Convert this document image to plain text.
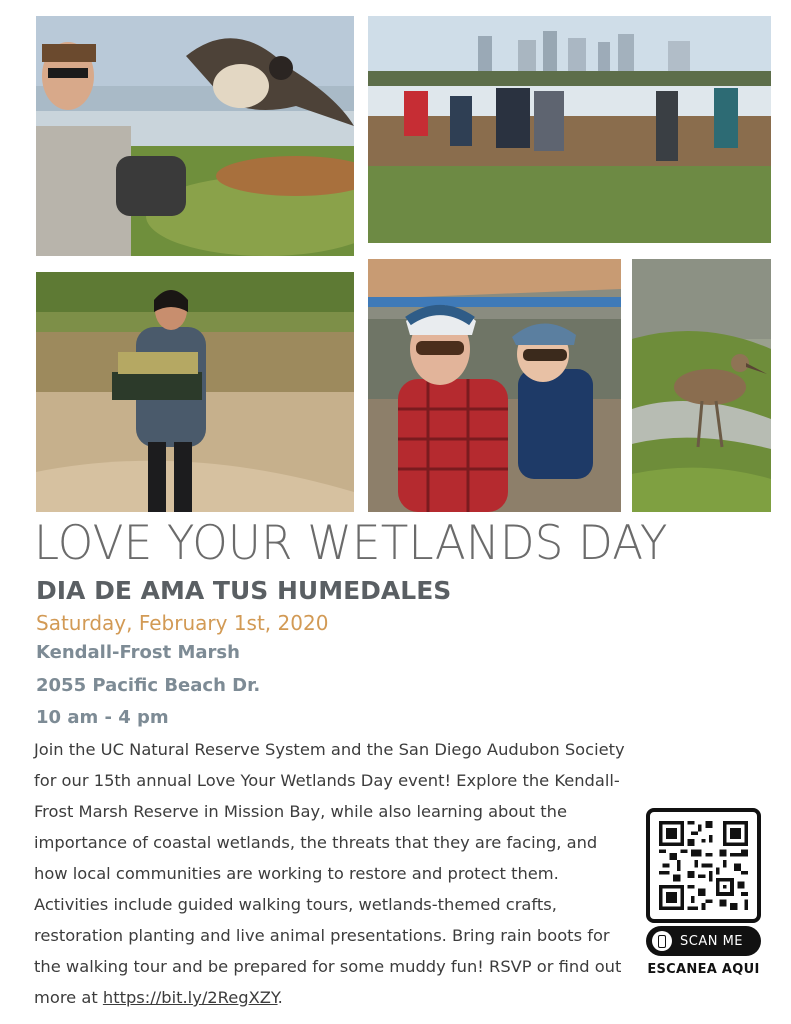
LOVE YOUR WETLANDS DAY
DIA DE AMA TUS HUMEDALES
Saturday, February 1st, 2020
Kendall-Frost Marsh
2055 Pacific Beach Dr.
10 am - 4 pm
Join the UC Natural Reserve System and the San Diego Audubon Society for our 15th annual Love Your Wetlands Day event! Explore the Kendall-Frost Marsh Reserve in Mission Bay, while also learning about the importance of coastal wetlands, the threats that they are facing, and how local communities are working to restore and protect them. Activities include guided walking tours, wetlands-themed crafts, restoration planting and live animal presentations. Bring rain boots for the walking tour and be prepared for some muddy fun! RSVP or find out more at https://bit.ly/2RegXZY.
SCAN ME
ESCANEA AQUI
